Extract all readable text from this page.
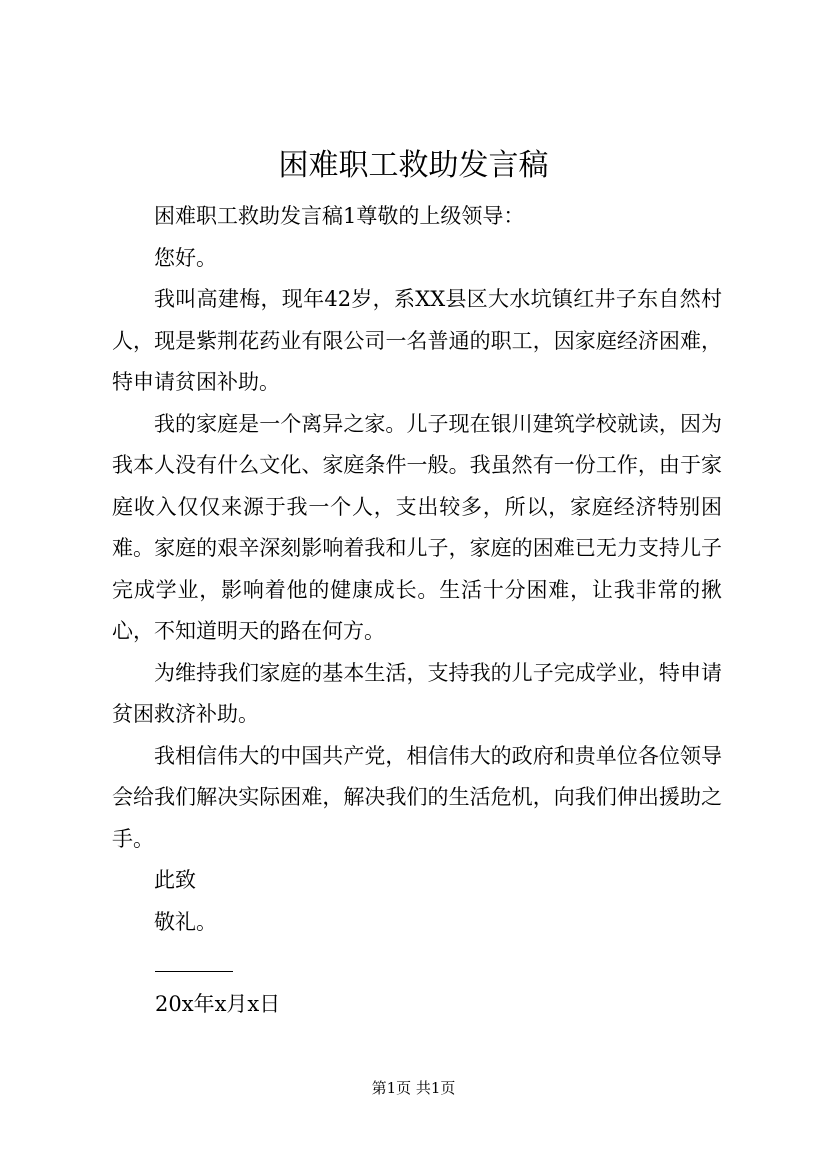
困难职工救助发言稿

困难职工救助发言稿1尊敬的上级领导：

您好。

我叫高建梅，现年42岁，系XX县区大水坑镇红井子东自然村人，现是紫荆花药业有限公司一名普通的职工，因家庭经济困难，特申请贫困补助。

我的家庭是一个离异之家。儿子现在银川建筑学校就读，因为我本人没有什么文化、家庭条件一般。我虽然有一份工作，由于家庭收入仅仅来源于我一个人，支出较多，所以，家庭经济特别困难。家庭的艰辛深刻影响着我和儿子，家庭的困难已无力支持儿子完成学业，影响着他的健康成长。生活十分困难，让我非常的揪心，不知道明天的路在何方。

为维持我们家庭的基本生活，支持我的儿子完成学业，特申请贫困救济补助。

我相信伟大的中国共产党，相信伟大的政府和贵单位各位领导会给我们解决实际困难，解决我们的生活危机，向我们伸出援助之手。

此致

敬礼。

20x年x月x日

第1页 共1页
